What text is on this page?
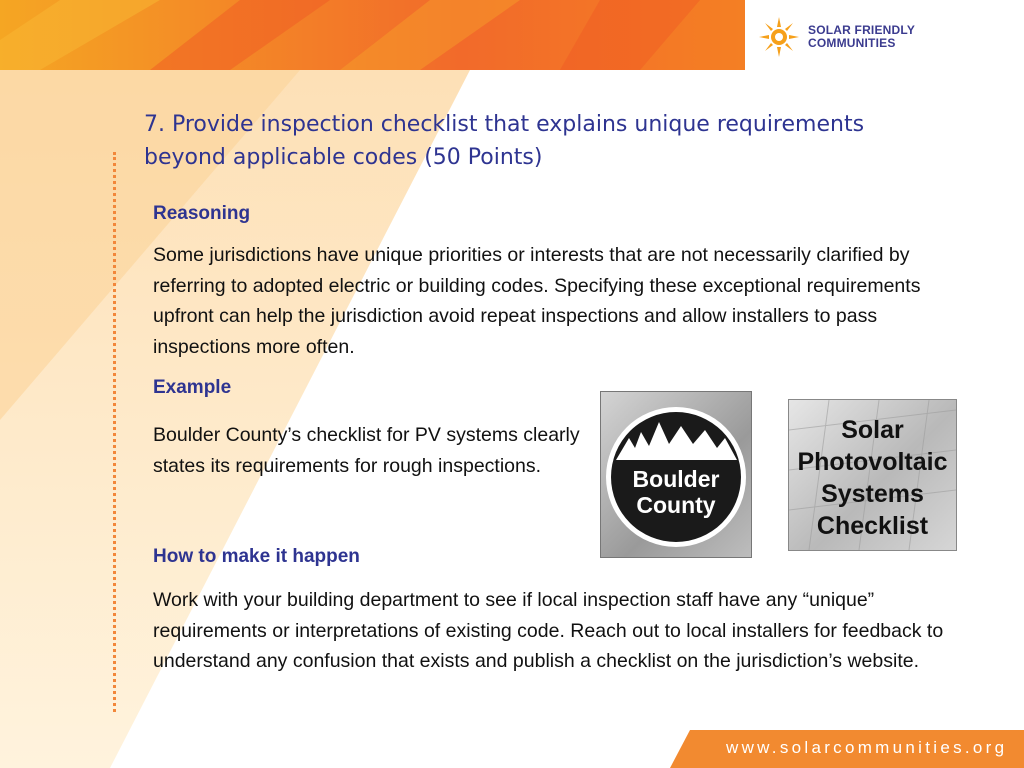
SOLAR FRIENDLY
COMMUNITIES
7. Provide inspection checklist that explains unique requirements beyond applicable codes (50 Points)
Reasoning
Some jurisdictions have unique priorities or interests that are not necessarily clarified by referring to adopted electric or building codes. Specifying these exceptional requirements upfront can help the jurisdiction avoid repeat inspections and allow installers to pass inspections more often.
Example
Boulder County’s checklist for PV systems clearly states its requirements for rough inspections.
Boulder
County
Solar
Photovoltaic
Systems
Checklist
How to make it happen
Work with your building department to see if local inspection staff have any “unique” requirements or interpretations of existing code. Reach out to local installers for feedback to understand any confusion that exists and publish a checklist on the jurisdiction’s website.
www.solarcommunities.org
